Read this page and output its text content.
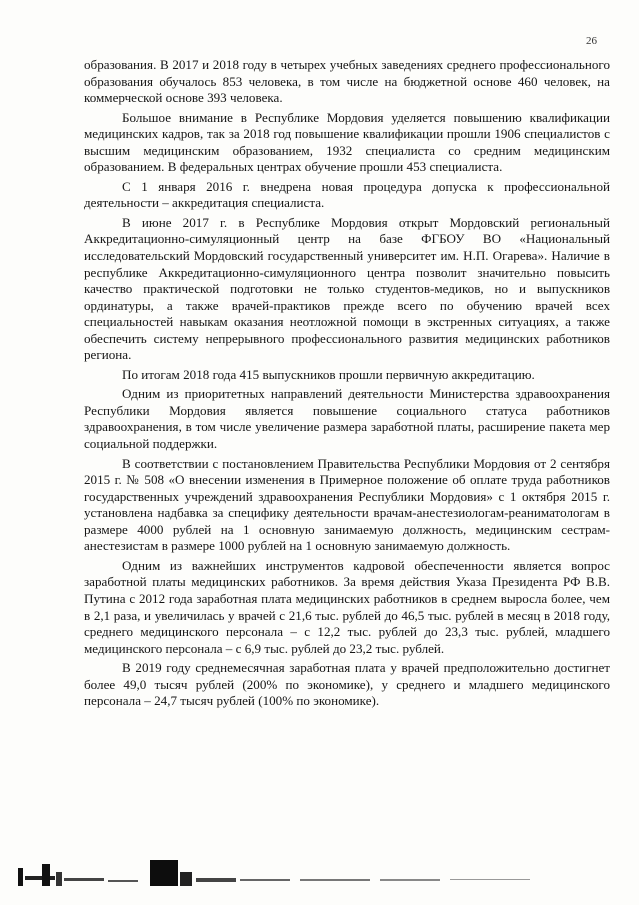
26

образования. В 2017 и 2018 году в четырех учебных заведениях среднего профессионального образования обучалось 853 человека, в том числе на бюджетной основе 460 человек, на коммерческой основе 393 человека.

Большое внимание в Республике Мордовия уделяется повышению квалификации медицинских кадров, так за 2018 год повышение квалификации прошли 1906 специалистов с высшим медицинским образованием, 1932 специалиста со средним медицинским образованием. В федеральных центрах обучение прошли 453 специалиста.

С 1 января 2016 г. внедрена новая процедура допуска к профессиональной деятельности – аккредитация специалиста.

В июне 2017 г. в Республике Мордовия открыт Мордовский региональный Аккредитационно-симуляционный центр на базе ФГБОУ ВО «Национальный исследовательский Мордовский государственный университет им. Н.П. Огарева». Наличие в республике Аккредитационно-симуляционного центра позволит значительно повысить качество практической подготовки не только студентов-медиков, но и выпускников ординатуры, а также врачей-практиков прежде всего по обучению врачей всех специальностей навыкам оказания неотложной помощи в экстренных ситуациях, а также обеспечить систему непрерывного профессионального развития медицинских работников региона.

По итогам 2018 года 415 выпускников прошли первичную аккредитацию.

Одним из приоритетных направлений деятельности Министерства здравоохранения Республики Мордовия является повышение социального статуса работников здравоохранения, в том числе увеличение размера заработной платы, расширение пакета мер социальной поддержки.

В соответствии с постановлением Правительства Республики Мордовия от 2 сентября 2015 г. № 508 «О внесении изменения в Примерное положение об оплате труда работников государственных учреждений здравоохранения Республики Мордовия» с 1 октября 2015 г. установлена надбавка за специфику деятельности врачам-анестезиологам-реаниматологам в размере 4000 рублей на 1 основную занимаемую должность, медицинским сестрам-анестезистам в размере 1000 рублей на 1 основную занимаемую должность.

Одним из важнейших инструментов кадровой обеспеченности является вопрос заработной платы медицинских работников. За время действия Указа Президента РФ В.В. Путина с 2012 года заработная плата медицинских работников в среднем выросла более, чем в 2,1 раза, и увеличилась у врачей с 21,6 тыс. рублей до 46,5 тыс. рублей в месяц в 2018 году, среднего медицинского персонала – с 12,2 тыс. рублей до 23,3 тыс. рублей, младшего медицинского персонала – с 6,9 тыс. рублей до 23,2 тыс. рублей.

В 2019 году среднемесячная заработная плата у врачей предположительно достигнет более 49,0 тысяч рублей (200% по экономике), у среднего и младшего медицинского персонала – 24,7 тысяч рублей (100% по экономике).
